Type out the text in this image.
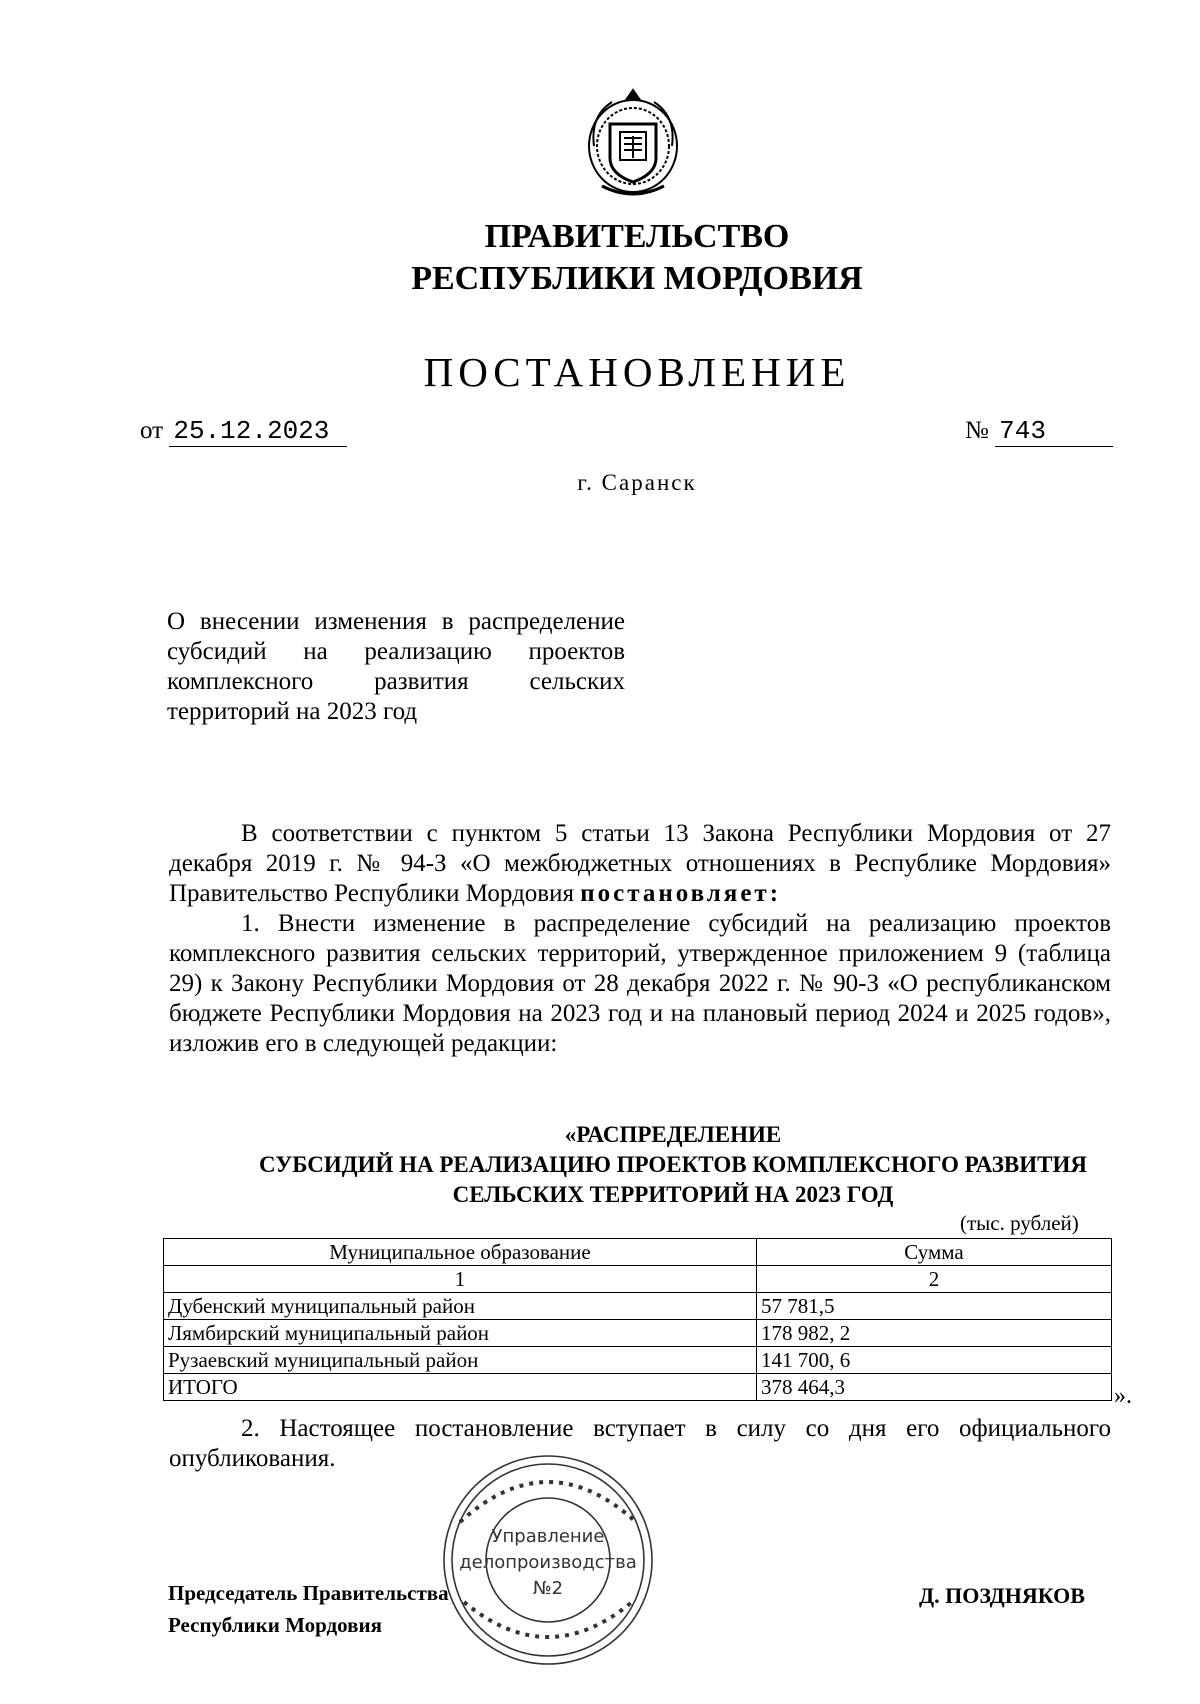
ПРАВИТЕЛЬСТВО
РЕСПУБЛИКИ МОРДОВИЯ
ПОСТАНОВЛЕНИЕ
от 25.12.2023	№ 743
г. Саранск
О внесении изменения в распределение субсидий на реализацию проектов комплексного развития сельских территорий на 2023 год
В соответствии с пунктом 5 статьи 13 Закона Республики Мордовия от 27 декабря 2019 г. № 94-З «О межбюджетных отношениях в Республике Мордовия» Правительство Республики Мордовия постановляет:
1. Внести изменение в распределение субсидий на реализацию проектов комплексного развития сельских территорий, утвержденное приложением 9 (таблица 29) к Закону Республики Мордовия от 28 декабря 2022 г. № 90-З «О республиканском бюджете Республики Мордовия на 2023 год и на плановый период 2024 и 2025 годов», изложив его в следующей редакции:
«РАСПРЕДЕЛЕНИЕ
СУБСИДИЙ НА РЕАЛИЗАЦИЮ ПРОЕКТОВ КОМПЛЕКСНОГО РАЗВИТИЯ
СЕЛЬСКИХ ТЕРРИТОРИЙ НА 2023 ГОД
(тыс. рублей)
Муниципальное образование	Сумма
1	2
Дубенский муниципальный район	57 781,5
Лямбирский муниципальный район	178 982, 2
Рузаевский муниципальный район	141 700, 6
ИТОГО	378 464,3	».
2. Настоящее постановление вступает в силу со дня его официального опубликования.
Управление
делопроизводства
№2
Председатель Правительства
Республики Мордовия
Д. ПОЗДНЯКОВ
